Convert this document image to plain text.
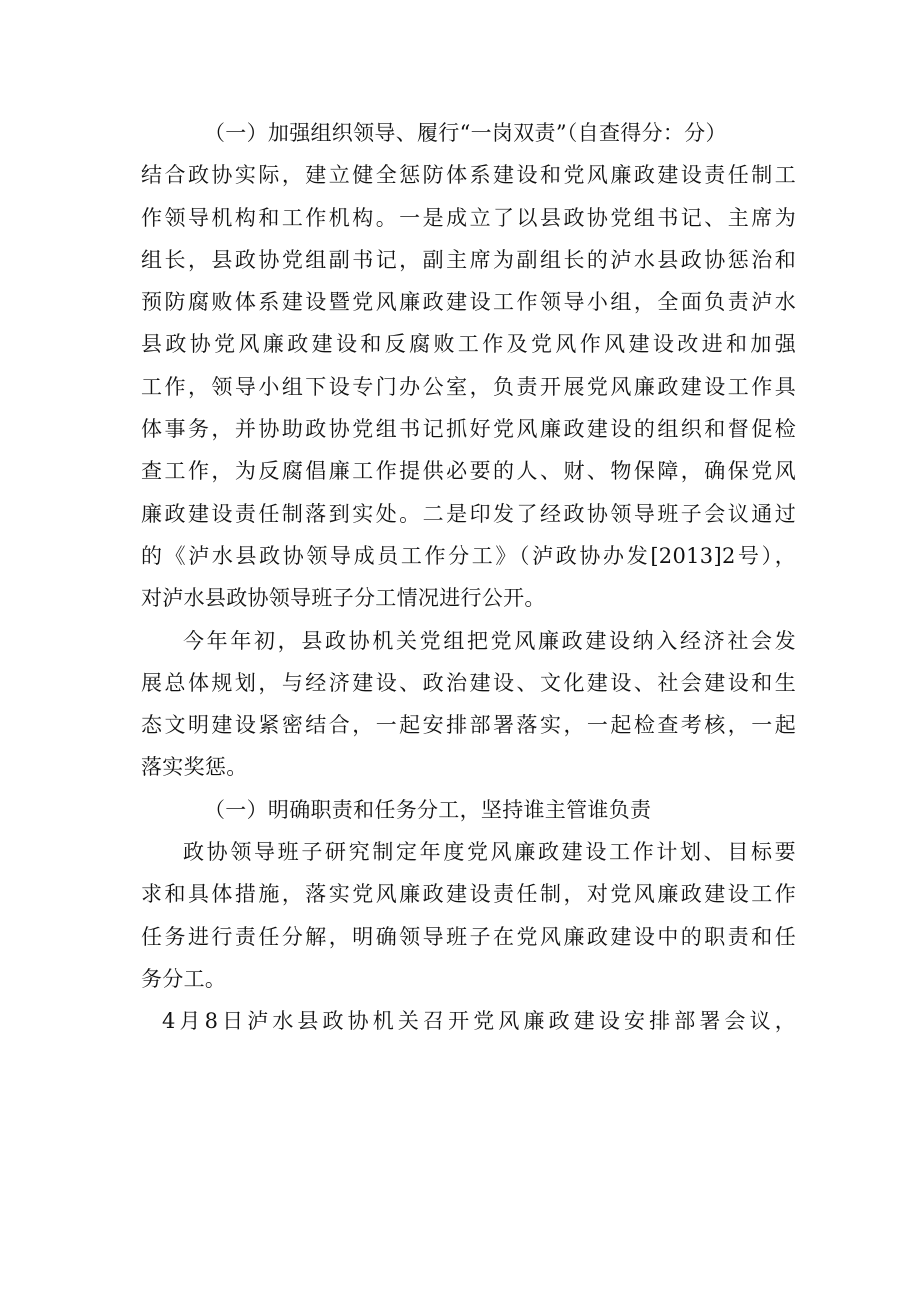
（一）加强组织领导、履行“一岗双责”（自查得分：分）
结合政协实际，建立健全惩防体系建设和党风廉政建设责任制工
作领导机构和工作机构。一是成立了以县政协党组书记、主席为
组长，县政协党组副书记，副主席为副组长的泸水县政协惩治和
预防腐败体系建设暨党风廉政建设工作领导小组，全面负责泸水
县政协党风廉政建设和反腐败工作及党风作风建设改进和加强
工作，领导小组下设专门办公室，负责开展党风廉政建设工作具
体事务，并协助政协党组书记抓好党风廉政建设的组织和督促检
查工作，为反腐倡廉工作提供必要的人、财、物保障，确保党风
廉政建设责任制落到实处。二是印发了经政协领导班子会议通过
的《泸水县政协领导成员工作分工》（泸政协办发[2013]2号），
对泸水县政协领导班子分工情况进行公开。
今年年初，县政协机关党组把党风廉政建设纳入经济社会发
展总体规划，与经济建设、政治建设、文化建设、社会建设和生
态文明建设紧密结合，一起安排部署落实，一起检查考核，一起
落实奖惩。
（一）明确职责和任务分工，坚持谁主管谁负责
政协领导班子研究制定年度党风廉政建设工作计划、目标要
求和具体措施，落实党风廉政建设责任制，对党风廉政建设工作
任务进行责任分解，明确领导班子在党风廉政建设中的职责和任
务分工。
4月8日泸水县政协机关召开党风廉政建设安排部署会议，
